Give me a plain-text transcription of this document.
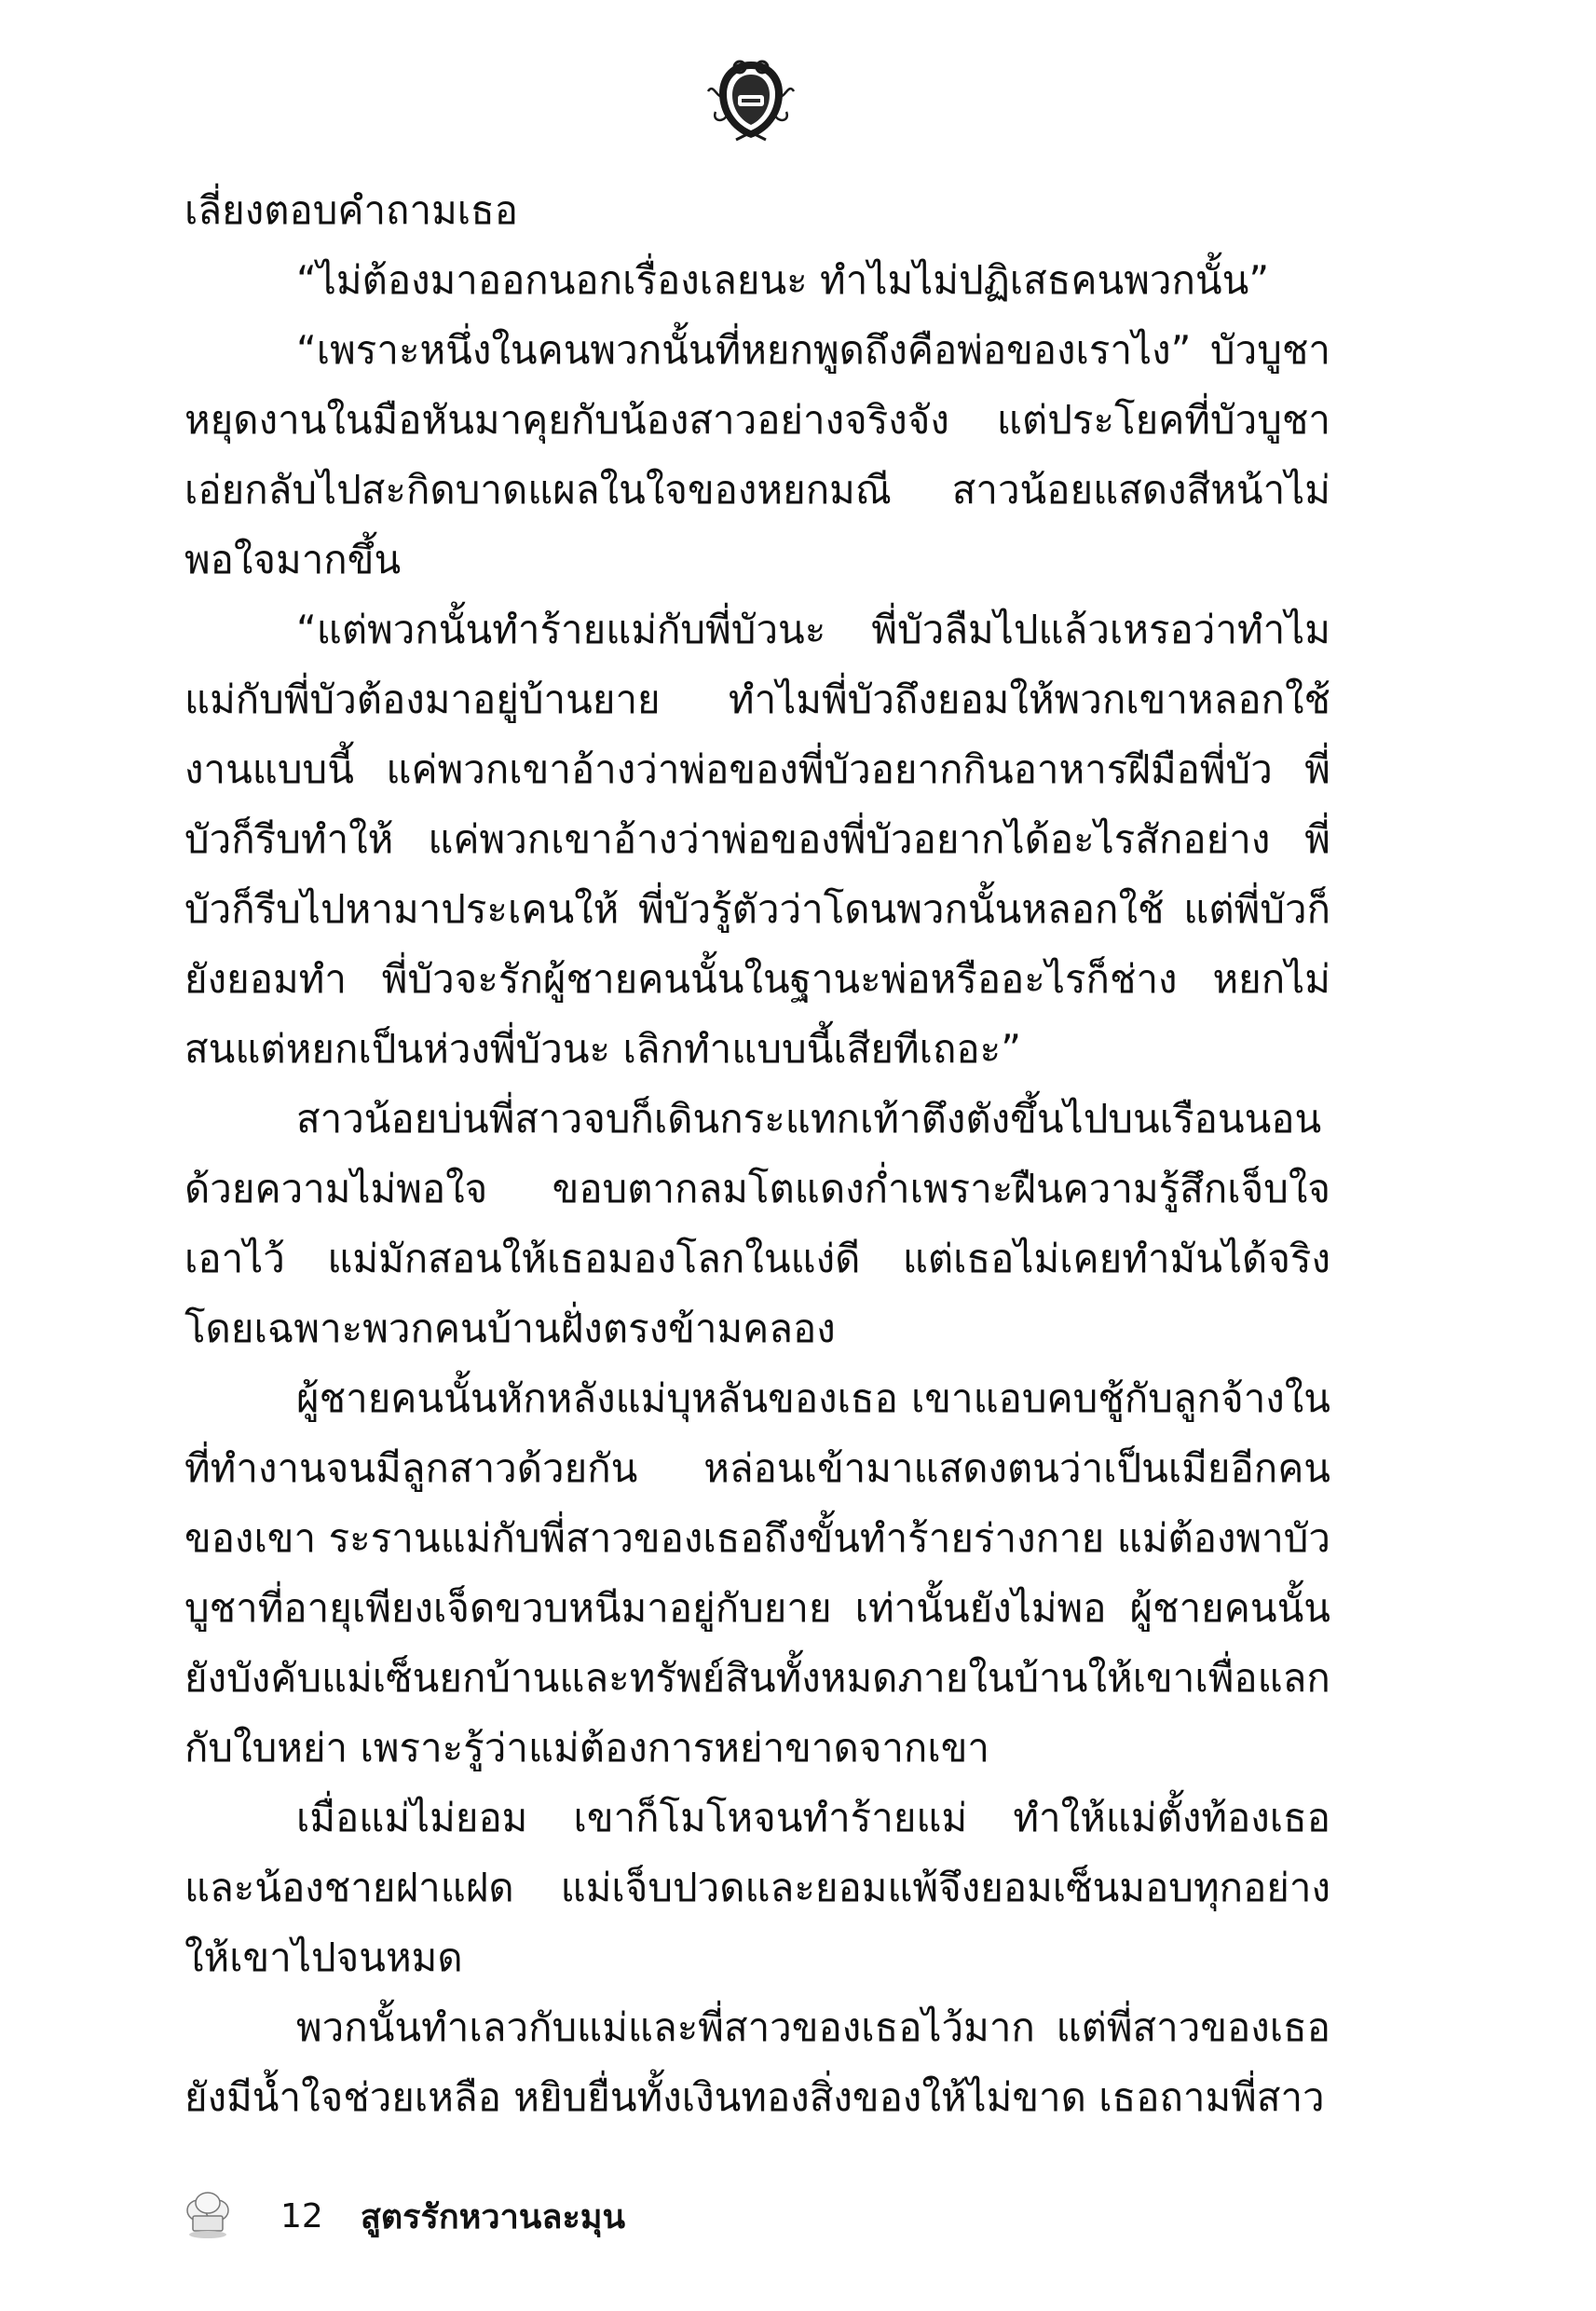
เลี่ยงตอบคำถามเธอ

“ไม่ต้องมาออกนอกเรื่องเลยนะ ทำไมไม่ปฏิเสธคนพวกนั้น”

“เพราะหนึ่งในคนพวกนั้นที่หยกพูดถึงคือพ่อของเราไง” บัวบูชาหยุดงานในมือหันมาคุยกับน้องสาวอย่างจริงจัง แต่ประโยคที่บัวบูชาเอ่ยกลับไปสะกิดบาดแผลในใจของหยกมณี สาวน้อยแสดงสีหน้าไม่พอใจมากขึ้น

“แต่พวกนั้นทำร้ายแม่กับพี่บัวนะ พี่บัวลืมไปแล้วเหรอว่าทำไมแม่กับพี่บัวต้องมาอยู่บ้านยาย ทำไมพี่บัวถึงยอมให้พวกเขาหลอกใช้งานแบบนี้ แค่พวกเขาอ้างว่าพ่อของพี่บัวอยากกินอาหารฝีมือพี่บัว พี่บัวก็รีบทำให้ แค่พวกเขาอ้างว่าพ่อของพี่บัวอยากได้อะไรสักอย่าง พี่บัวก็รีบไปหามาประเคนให้ พี่บัวรู้ตัวว่าโดนพวกนั้นหลอกใช้ แต่พี่บัวก็ยังยอมทำ พี่บัวจะรักผู้ชายคนนั้นในฐานะพ่อหรืออะไรก็ช่าง หยกไม่สนแต่หยกเป็นห่วงพี่บัวนะ เลิกทำแบบนี้เสียทีเถอะ”

สาวน้อยบ่นพี่สาวจบก็เดินกระแทกเท้าตึงตังขึ้นไปบนเรือนนอนด้วยความไม่พอใจ ขอบตากลมโตแดงก่ำเพราะฝืนความรู้สึกเจ็บใจเอาไว้ แม่มักสอนให้เธอมองโลกในแง่ดี แต่เธอไม่เคยทำมันได้จริงโดยเฉพาะพวกคนบ้านฝั่งตรงข้ามคลอง

ผู้ชายคนนั้นหักหลังแม่บุหลันของเธอ เขาแอบคบชู้กับลูกจ้างในที่ทำงานจนมีลูกสาวด้วยกัน หล่อนเข้ามาแสดงตนว่าเป็นเมียอีกคนของเขา ระรานแม่กับพี่สาวของเธอถึงขั้นทำร้ายร่างกาย แม่ต้องพาบัวบูชาที่อายุเพียงเจ็ดขวบหนีมาอยู่กับยาย เท่านั้นยังไม่พอ ผู้ชายคนนั้นยังบังคับแม่เซ็นยกบ้านและทรัพย์สินทั้งหมดภายในบ้านให้เขาเพื่อแลกกับใบหย่า เพราะรู้ว่าแม่ต้องการหย่าขาดจากเขา

เมื่อแม่ไม่ยอม เขาก็โมโหจนทำร้ายแม่ ทำให้แม่ตั้งท้องเธอและน้องชายฝาแฝด แม่เจ็บปวดและยอมแพ้จึงยอมเซ็นมอบทุกอย่างให้เขาไปจนหมด

พวกนั้นทำเลวกับแม่และพี่สาวของเธอไว้มาก แต่พี่สาวของเธอยังมีน้ำใจช่วยเหลือ หยิบยื่นทั้งเงินทองสิ่งของให้ไม่ขาด เธอถามพี่สาว

12 สูตรรักหวานละมุน
